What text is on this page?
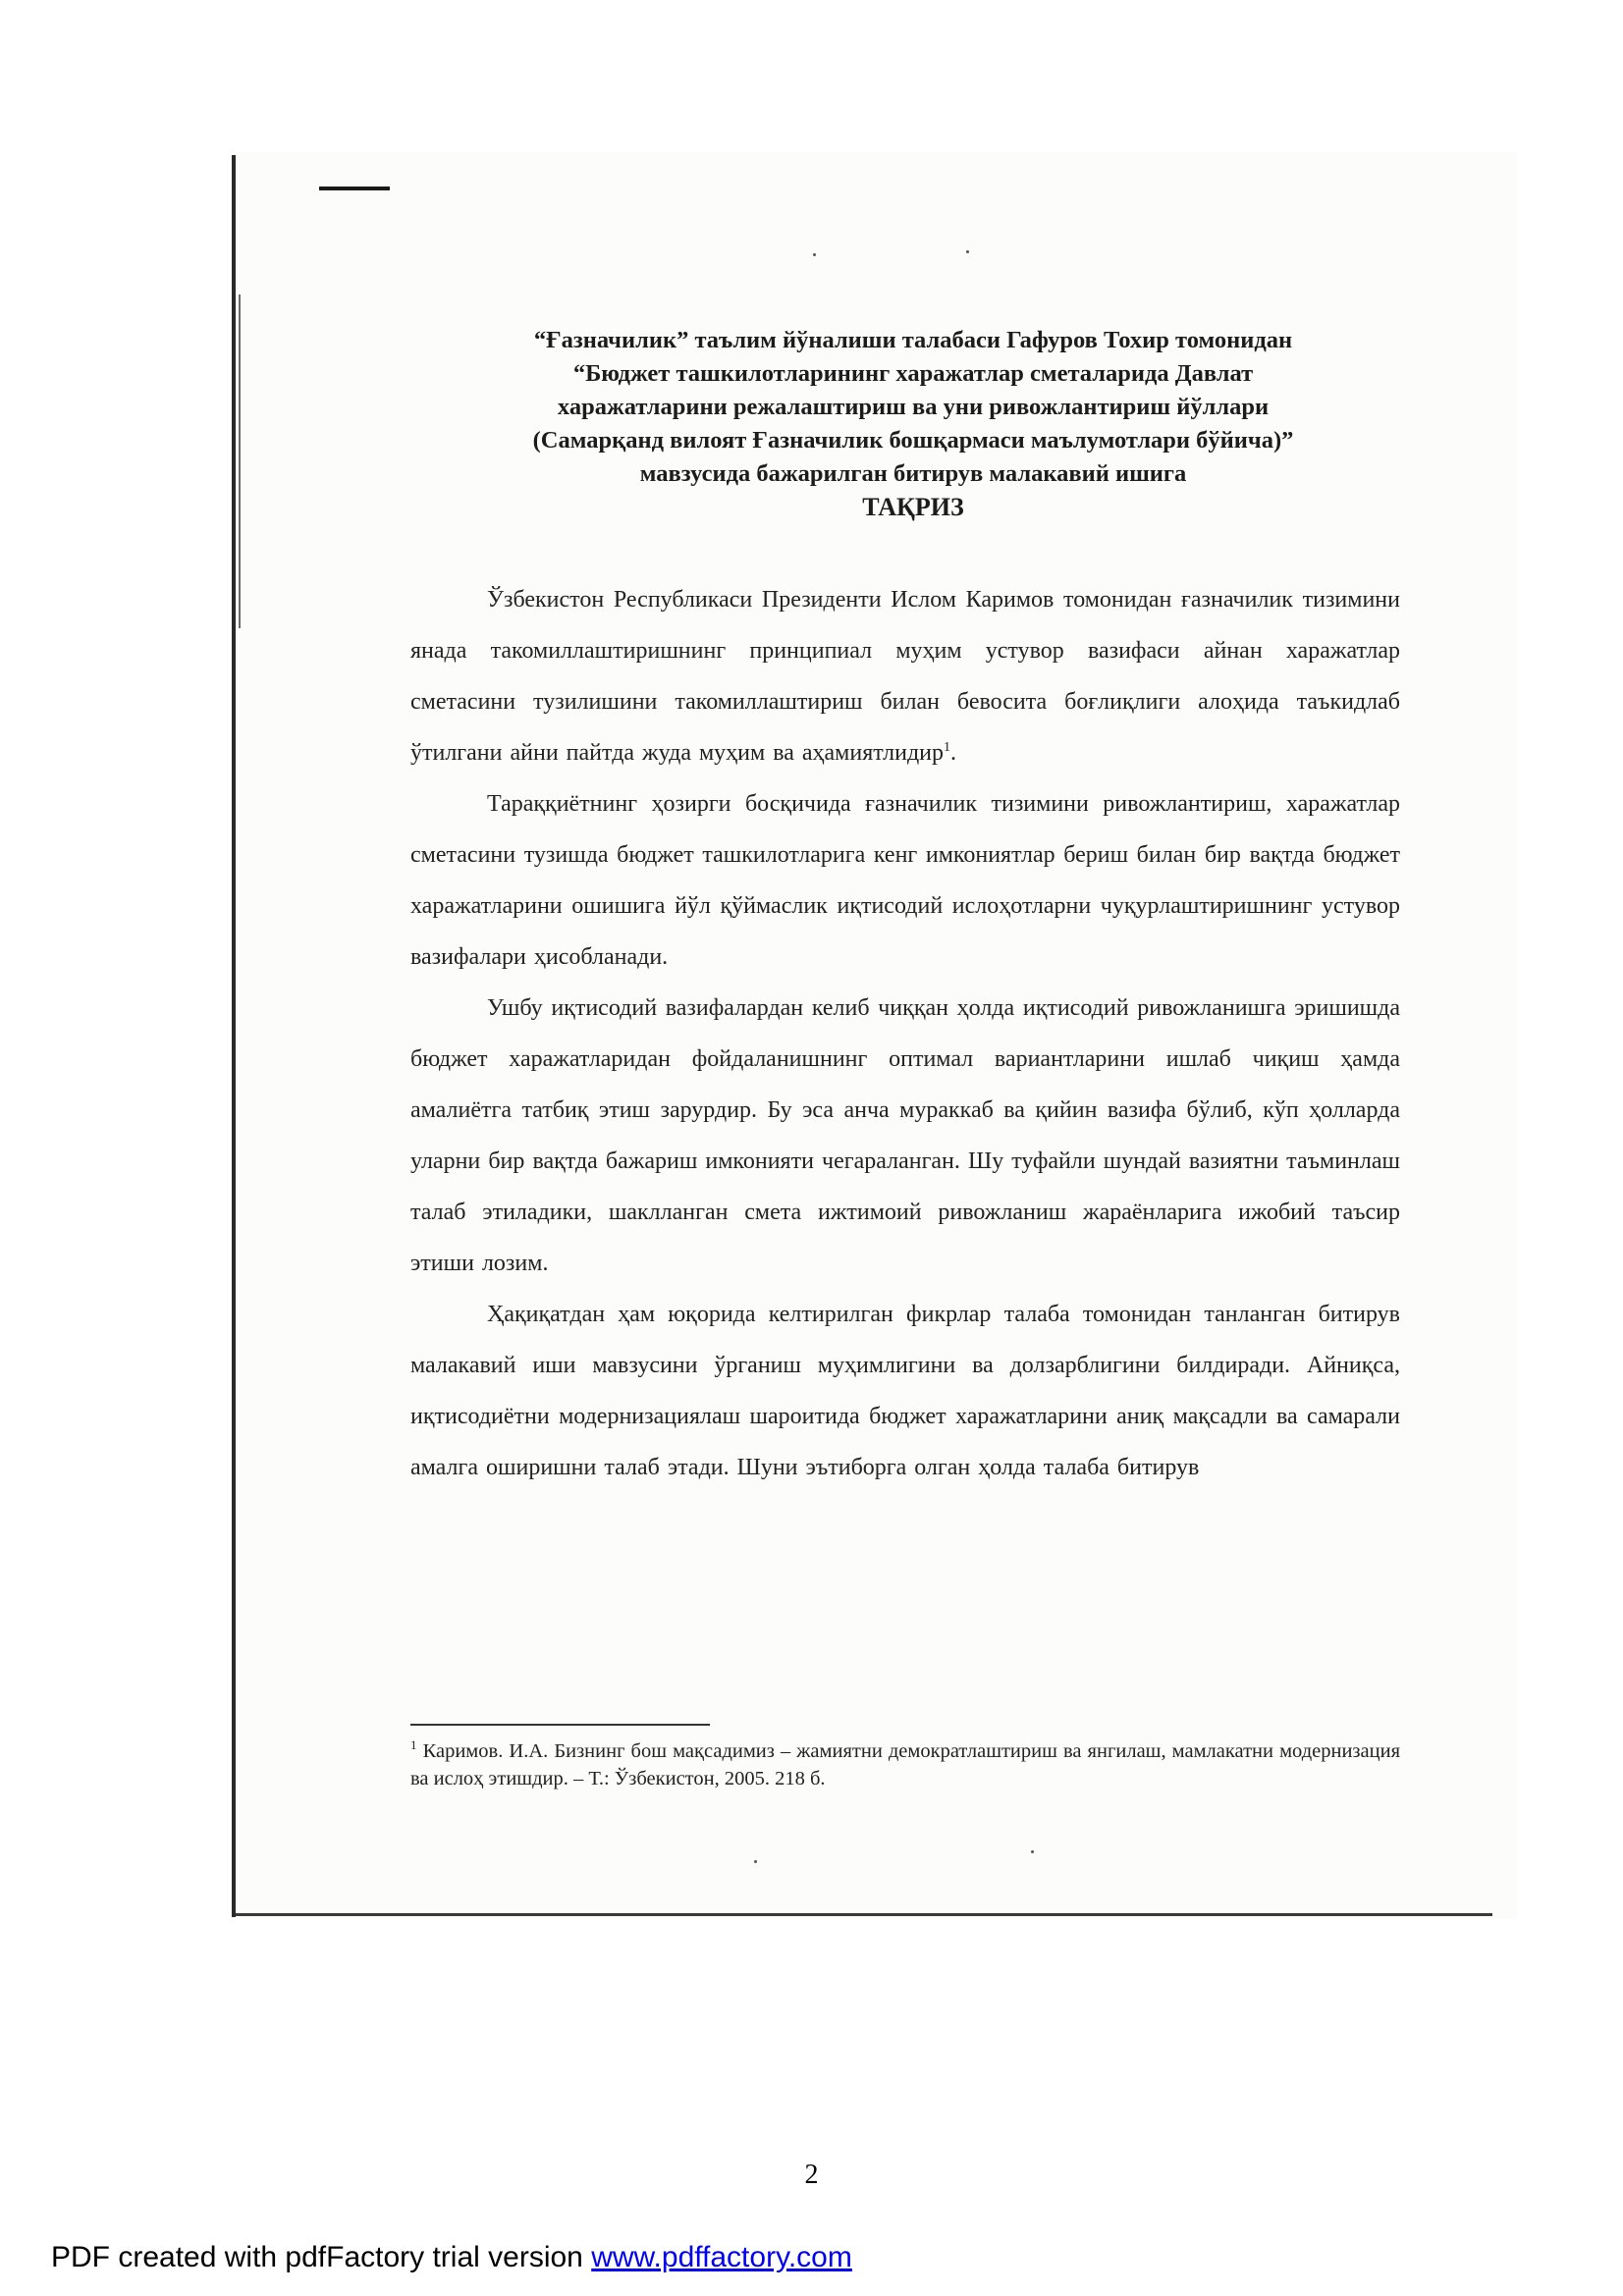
“Ғазначилик” таълим йўналиши талабаси Гафуров Тохир томонидан
“Бюджет ташкилотларининг харажатлар сметаларида Давлат
харажатларини режалаштириш ва уни ривожлантириш йўллари
(Самарқанд вилоят Ғазначилик бошқармаси маълумотлари бўйича)”
мавзусида бажарилган битирув малакавий ишига
ТАҚРИЗ

Ўзбекистон Республикаси Президенти Ислом Каримов томонидан ғазначилик тизимини янада такомиллаштиришнинг принципиал муҳим устувор вазифаси айнан харажатлар сметасини тузилишини такомиллаштириш билан бевосита боғлиқлиги алоҳида таъкидлаб ўтилгани айни пайтда жуда муҳим ва аҳамиятлидир$^1$.

Тараққиётнинг ҳозирги босқичида ғазначилик тизимини ривожлантириш, харажатлар сметасини тузишда бюджет ташкилотларига кенг имкониятлар бериш билан бир вақтда бюджет харажатларини ошишига йўл қўймаслик иқтисодий ислоҳотларни чуқурлаштиришнинг устувор вазифалари ҳисобланади.

Ушбу иқтисодий вазифалардан келиб чиққан ҳолда иқтисодий ривожланишга эришишда бюджет харажатларидан фойдаланишнинг оптимал вариантларини ишлаб чиқиш ҳамда амалиётга татбиқ этиш зарурдир. Бу эса анча мураккаб ва қийин вазифа бўлиб, кўп ҳолларда уларни бир вақтда бажариш имконияти чегараланган. Шу туфайли шундай вазиятни таъминлаш талаб этиладики, шаклланган смета ижтимоий ривожланиш жараёнларига ижобий таъсир этиши лозим.

Ҳақиқатдан ҳам юқорида келтирилган фикрлар талаба томонидан танланган битирув малакавий иши мавзусини ўрганиш муҳимлигини ва долзарблигини билдиради. Айниқса, иқтисодиётни модернизациялаш шароитида бюджет харажатларини аниқ мақсадли ва самарали амалга оширишни талаб этади. Шуни эътиборга олган ҳолда талаба битирув

$^1$ Каримов. И.А. Бизнинг бош мақсадимиз – жамиятни демократлаштириш ва янгилаш, мамлакатни модернизация ва ислоҳ этишдир. – Т.: Ўзбекистон, 2005. 218 б.
2
PDF created with pdfFactory trial version www.pdffactory.com
